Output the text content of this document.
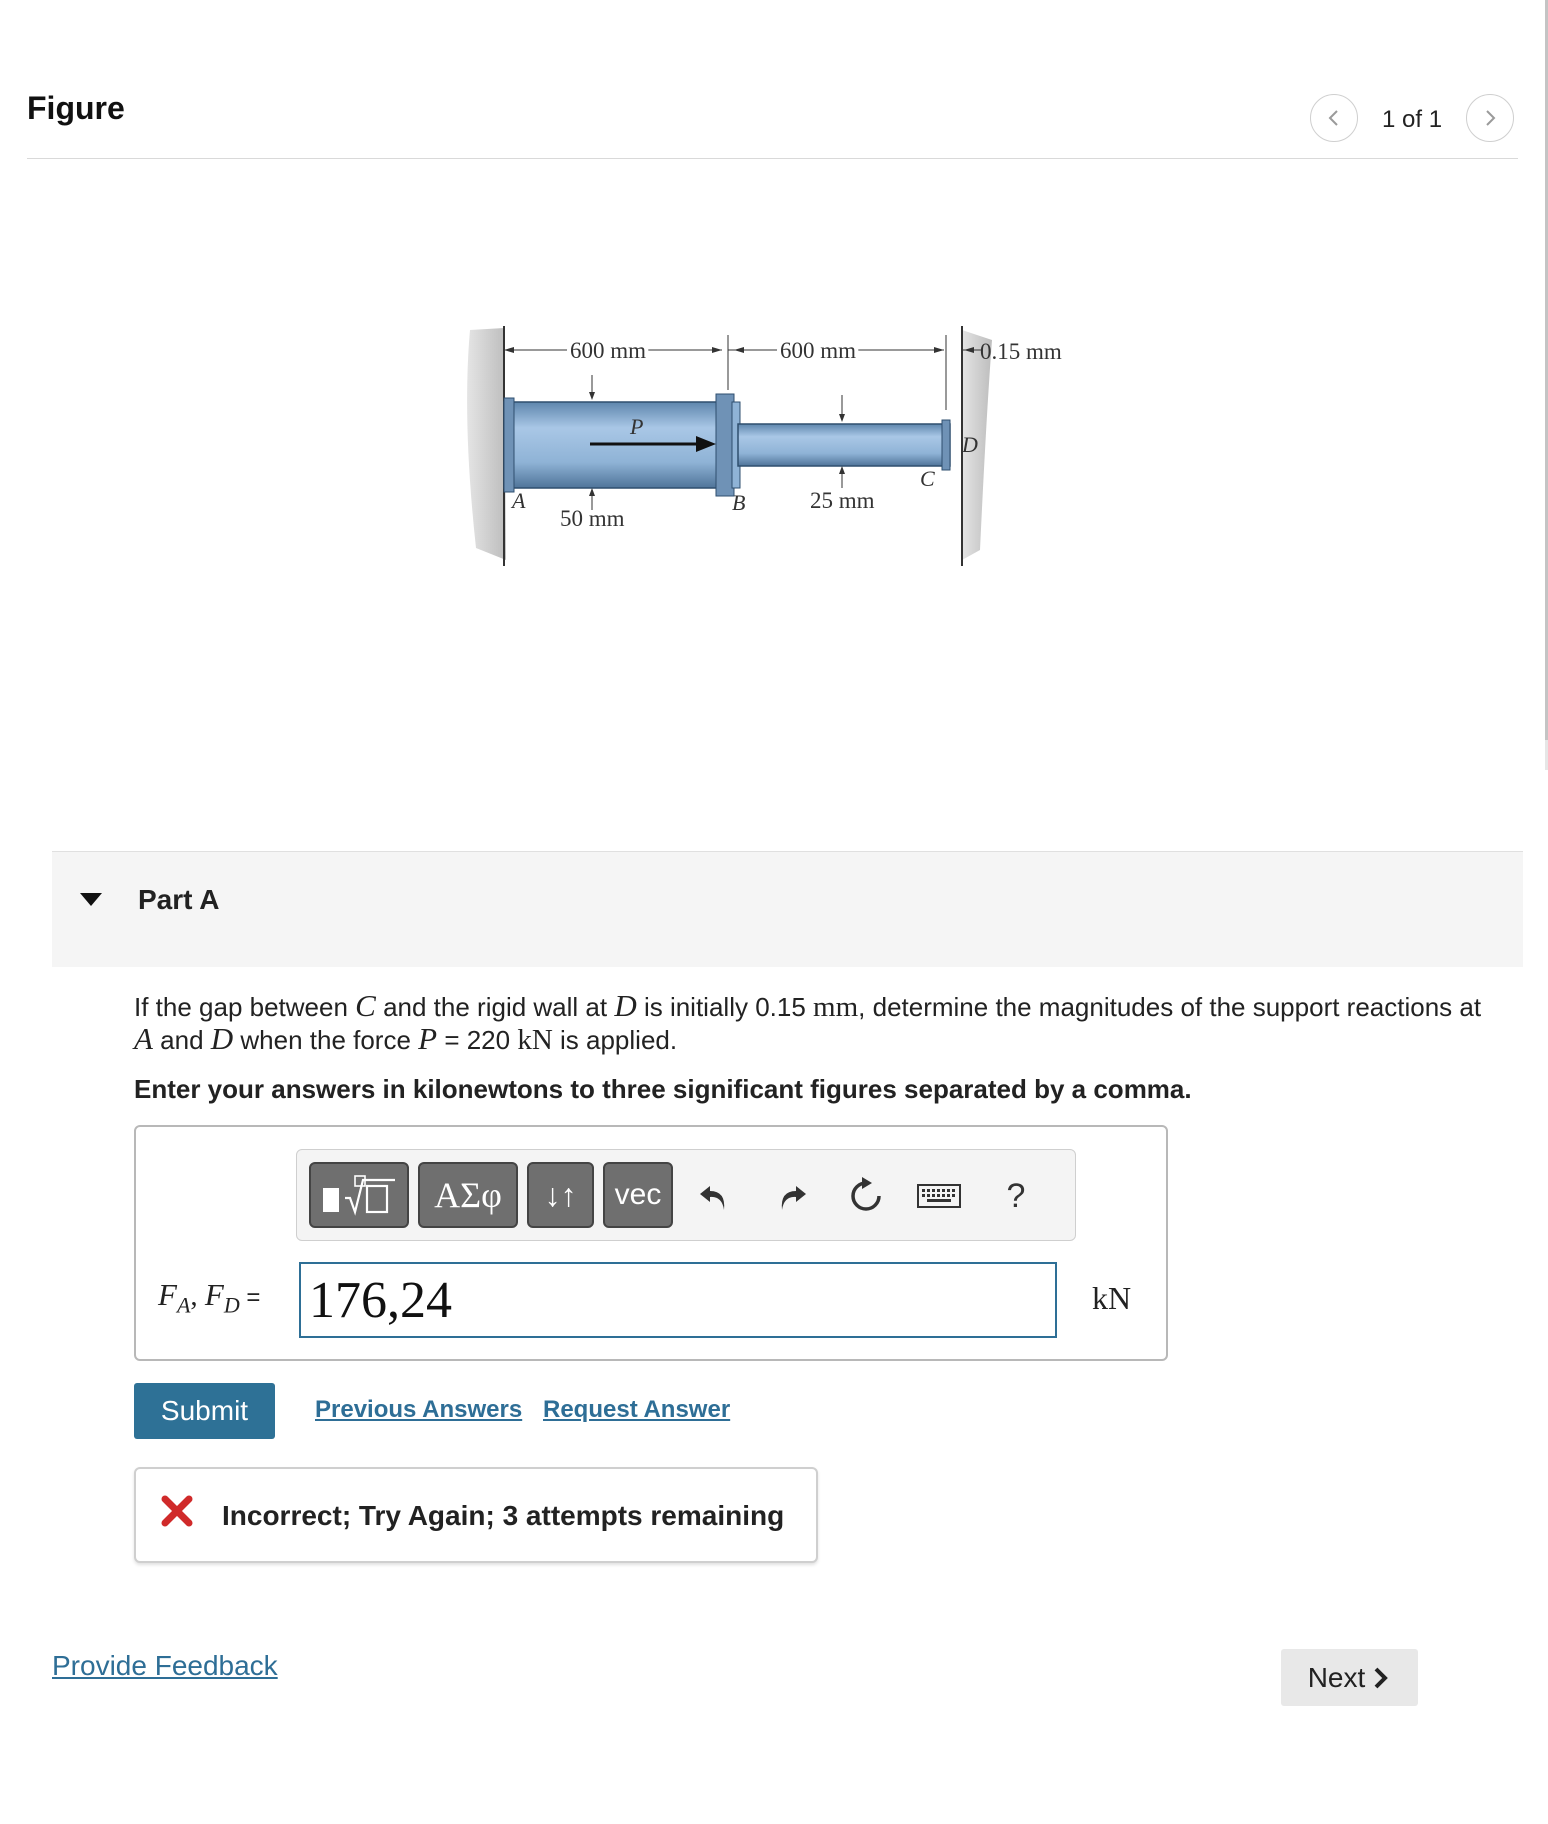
Figure	1 of 1
600 mm	600 mm	0.15 mm
50 mm
25 mm
A	B
C
D
P
Part A
If the gap between C and the rigid wall at D is initially 0.15 mm, determine the magnitudes of the support reactions at
A and D when the force P = 220 kN is applied.
Enter your answers in kilonewtons to three significant figures separated by a comma.
ΑΣφ	↓↑	vec	?
$F_A$, $F_D$ =
176,24	kN
Submit	Previous Answers Request Answer
Incorrect; Try Again; 3 attempts remaining
Provide Feedback	Next
